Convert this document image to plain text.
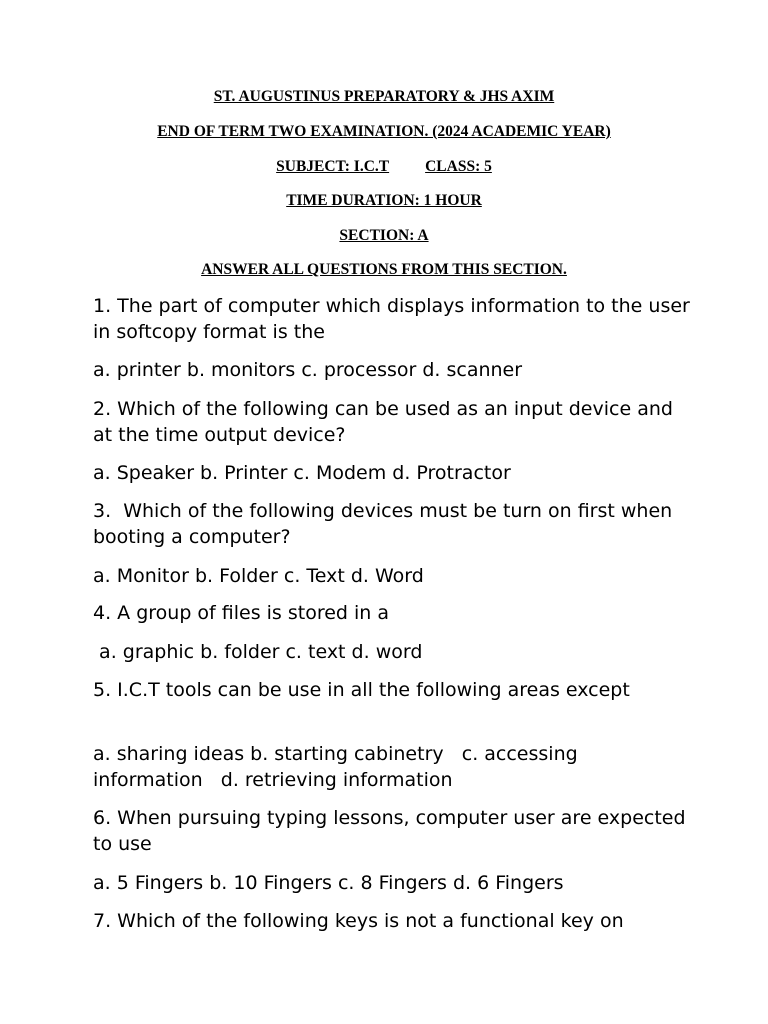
ST. AUGUSTINUS PREPARATORY & JHS AXIM
END OF TERM TWO EXAMINATION. (2024 ACADEMIC YEAR)
SUBJECT: I.C.T CLASS: 5
TIME DURATION: 1 HOUR
SECTION: A
ANSWER ALL QUESTIONS FROM THIS SECTION.
1. The part of computer which displays information to the user in softcopy format is the
a. printer b. monitors c. processor d. scanner
2. Which of the following can be used as an input device and at the time output device?
a. Speaker b. Printer c. Modem d. Protractor
3.  Which of the following devices must be turn on first when booting a computer?
a. Monitor b. Folder c. Text d. Word
4. A group of files is stored in a
a. graphic b. folder c. text d. word
5. I.C.T tools can be use in all the following areas except
a. sharing ideas b. starting cabinetry   c. accessing information   d. retrieving information
6. When pursuing typing lessons, computer user are expected to use
a. 5 Fingers b. 10 Fingers c. 8 Fingers d. 6 Fingers
7. Which of the following keys is not a functional key on
